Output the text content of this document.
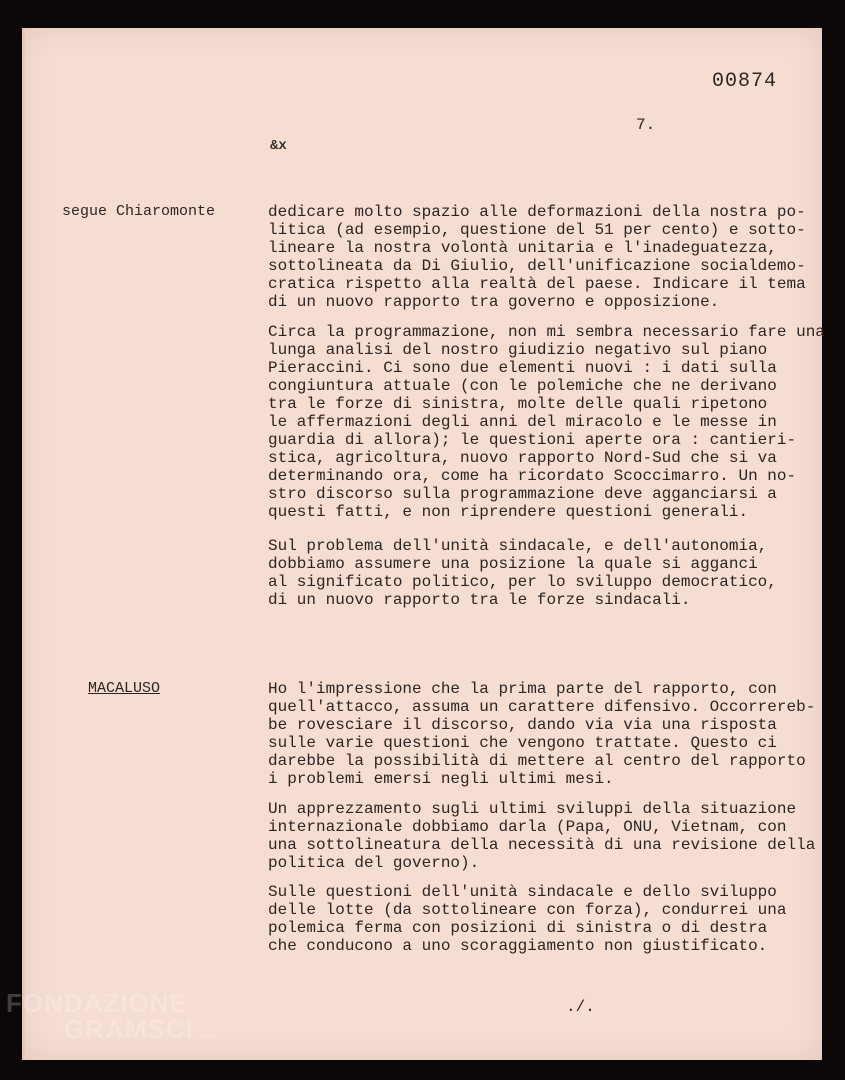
00874
7.
&x
segue Chiaromonte	dedicare molto spazio alle deformazioni della nostra po-
litica (ad esempio, questione del 51 per cento) e sotto-
lineare la nostra volontà unitaria e l'inadeguatezza,
sottolineata da Di Giulio, dell'unificazione socialdemo-
cratica rispetto alla realtà del paese. Indicare il tema
di un nuovo rapporto tra governo e opposizione.

Circa la programmazione, non mi sembra necessario fare una
lunga analisi del nostro giudizio negativo sul piano
Pieraccini. Ci sono due elementi nuovi : i dati sulla
congiuntura attuale (con le polemiche che ne derivano
tra le forze di sinistra, molte delle quali ripetono
le affermazioni degli anni del miracolo e le messe in
guardia di allora); le questioni aperte ora : cantieri-
stica, agricoltura, nuovo rapporto Nord-Sud che si va
determinando ora, come ha ricordato Scoccimarro. Un no-
stro discorso sulla programmazione deve agganciarsi a
questi fatti, e non riprendere questioni generali.

Sul problema dell'unità sindacale, e dell'autonomia,
dobbiamo assumere una posizione la quale si agganci
al significato politico, per lo sviluppo democratico,
di un nuovo rapporto tra le forze sindacali.

MACALUSO	Ho l'impressione che la prima parte del rapporto, con
quell'attacco, assuma un carattere difensivo. Occorrereb-
be rovesciare il discorso, dando via via una risposta
sulle varie questioni che vengono trattate. Questo ci
darebbe la possibilità di mettere al centro del rapporto
i problemi emersi negli ultimi mesi.

Un apprezzamento sugli ultimi sviluppi della situazione
internazionale dobbiamo darla (Papa, ONU, Vietnam, con
una sottolineatura della necessità di una revisione della
politica del governo).

Sulle questioni dell'unità sindacale e dello sviluppo
delle lotte (da sottolineare con forza), condurrei una
polemica ferma con posizioni di sinistra o di destra
che conducono a uno scoraggiamento non giustificato.

./.
FONDAZIONE
GRAMSCI onlus
